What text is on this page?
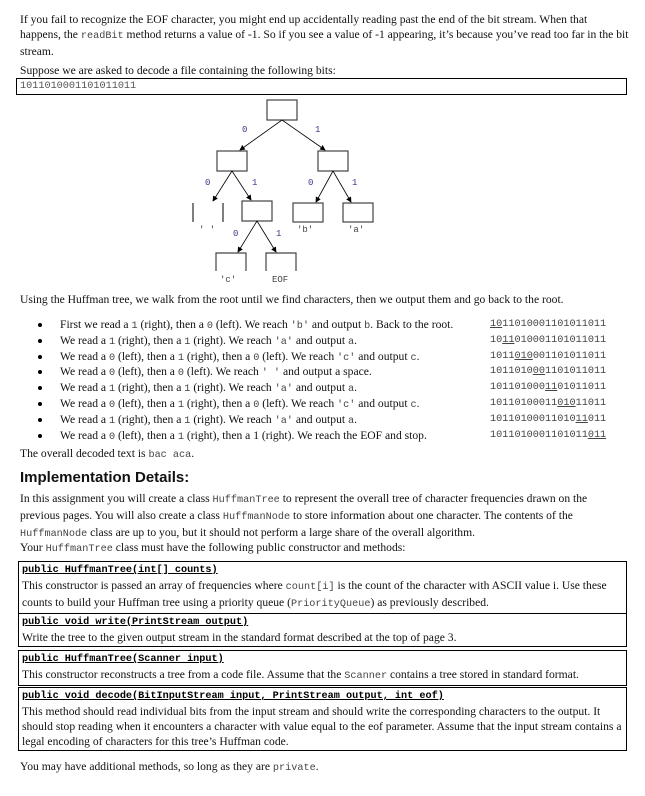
If you fail to recognize the EOF character, you might end up accidentally reading past the end of the bit stream. When that happens, the readBit method returns a value of -1. So if you see a value of -1 appearing, it’s because you’ve read too far in the bit stream.
Suppose we are asked to decode a file containing the following bits:
1011010001101011011
0	1
0	1	0	1
0	1
' '	'b'	'a'
'c'	EOF
Using the Huffman tree, we walk from the root until we find characters, then we output them and go back to the root.
First we read a 1 (right), then a 0 (left). We reach 'b' and output b. Back to the root.	1011010001101011011
We read a 1 (right), then a 1 (right). We reach 'a' and output a.	1011010001101011011
We read a 0 (left), then a 1 (right), then a 0 (left). We reach 'c' and output c.	1011010001101011011
We read a 0 (left), then a 0 (left). We reach ' ' and output a space.	1011010001101011011
We read a 1 (right), then a 1 (right). We reach 'a' and output a.	1011010001101011011
We read a 0 (left), then a 1 (right), then a 0 (left). We reach 'c' and output c.	1011010001101011011
We read a 1 (right), then a 1 (right). We reach 'a' and output a.	1011010001101011011
We read a 0 (left), then a 1 (right), then a 1 (right). We reach the EOF and stop.	1011010001101011011
The overall decoded text is bac aca.
Implementation Details:
In this assignment you will create a class HuffmanTree to represent the overall tree of character frequencies drawn on the previous pages. You will also create a class HuffmanNode to store information about one character. The contents of the HuffmanNode class are up to you, but it should not perform a large share of the overall algorithm.
Your HuffmanTree class must have the following public constructor and methods:
public HuffmanTree(int[] counts)
This constructor is passed an array of frequencies where count[i] is the count of the character with ASCII value i. Use these counts to build your Huffman tree using a priority queue (PriorityQueue) as previously described.
public void write(PrintStream output)
Write the tree to the given output stream in the standard format described at the top of page 3.
public HuffmanTree(Scanner input)
This constructor reconstructs a tree from a code file. Assume that the Scanner contains a tree stored in standard format.
public void decode(BitInputStream input, PrintStream output, int eof)
This method should read individual bits from the input stream and should write the corresponding characters to the output. It should stop reading when it encounters a character with value equal to the eof parameter. Assume that the input stream contains a legal encoding of characters for this tree’s Huffman code.
You may have additional methods, so long as they are private.
